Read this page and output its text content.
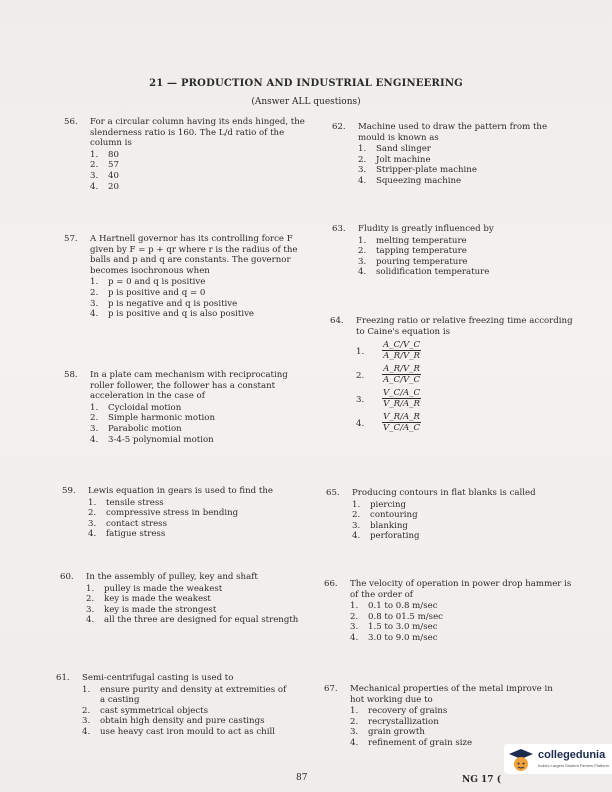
21 — PRODUCTION AND INDUSTRIAL ENGINEERING
(Answer ALL questions)
56. For a circular column having its ends hinged, the slenderness ratio is 160. The L/d ratio of the column is
1. 80
2. 57
3. 40
4. 20
57. A Hartnell governor has its controlling force F given by F = p + qr where r is the radius of the balls and p and q are constants. The governor becomes isochronous when
1. p = 0 and q is positive
2. p is positive and q = 0
3. p is negative and q is positive
4. p is positive and q is also positive
58. In a plate cam mechanism with reciprocating roller follower, the follower has a constant acceleration in the case of
1. Cycloidal motion
2. Simple harmonic motion
3. Parabolic motion
4. 3-4-5 polynomial motion
59. Lewis equation in gears is used to find the
1. tensile stress
2. compressive stress in bending
3. contact stress
4. fatigue stress
60. In the assembly of pulley, key and shaft
1. pulley is made the weakest
2. key is made the weakest
3. key is made the strongest
4. all the three are designed for equal strength
61. Semi-centrifugal casting is used to
1. ensure purity and density at extremities of a casting
2. cast symmetrical objects
3. obtain high density and pure castings
4. use heavy cast iron mould to act as chill
62. Machine used to draw the pattern from the mould is known as
1. Sand slinger
2. Jolt machine
3. Stripper-plate machine
4. Squeezing machine
63. Fludity is greatly influenced by
1. melting temperature
2. tapping temperature
3. pouring temperature
4. solidification temperature
64. Freezing ratio or relative freezing time according to Caine's equation is
1. $\frac{A\_C/V\_C}{A\_R/V\_R}$
2. $\frac{A\_R/V\_R}{A\_C/V\_C}$
3. $\frac{V\_C/A\_C}{V\_R/A\_R}$
4. $\frac{V\_R/A\_R}{V\_C/A\_C}$
65. Producing contours in flat blanks is called
1. piercing
2. contouring
3. blanking
4. perforating
66. The velocity of operation in power drop hammer is of the order of
1. 0.1 to 0.8 m/sec
2. 0.8 to 01.5 m/sec
3. 1.5 to 3.0 m/sec
4. 3.0 to 9.0 m/sec
67. Mechanical properties of the metal improve in hot working due to
1. recovery of grains
2. recrystallization
3. grain growth
4. refinement of grain size
87	NG 17 (
collegedunia
India's Largest Student Review Platform
